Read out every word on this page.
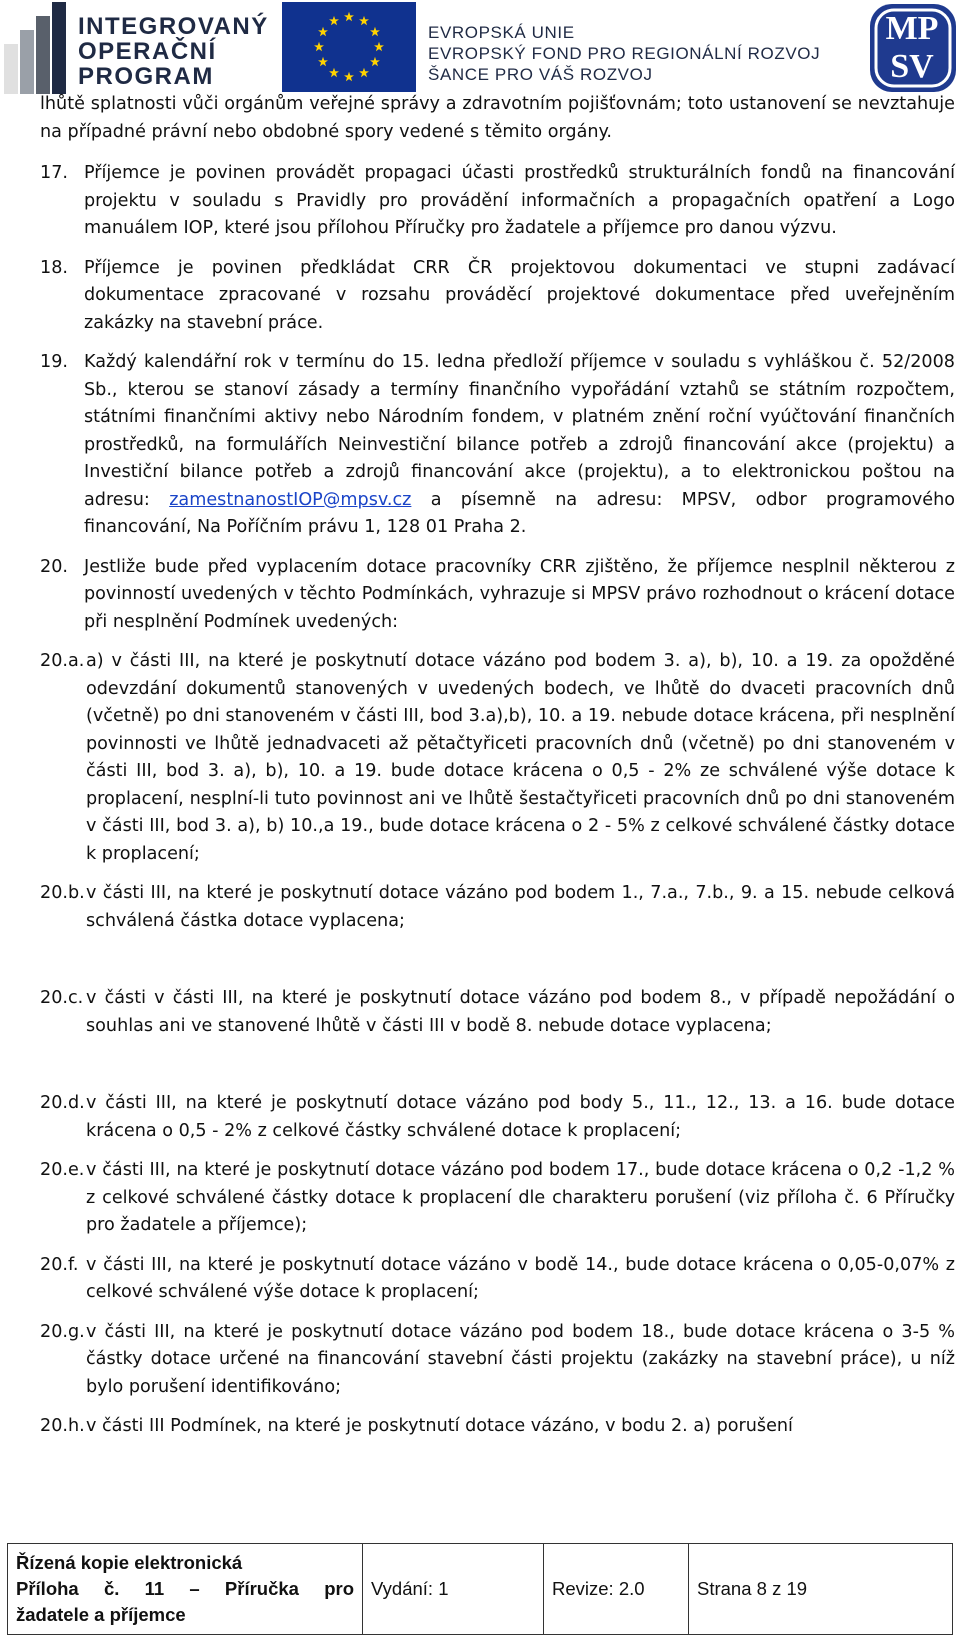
INTEGROVANÝ
OPERAČNÍ
PROGRAM
EVROPSKÁ UNIE
EVROPSKÝ FOND PRO REGIONÁLNÍ ROZVOJ
ŠANCE PRO VÁŠ ROZVOJ
MP
SV

lhůtě splatnosti vůči orgánům veřejné správy a zdravotním pojišťovnám; toto ustanovení se nevztahuje na případné právní nebo obdobné spory vedené s těmito orgány.

17. Příjemce je povinen provádět propagaci účasti prostředků strukturálních fondů na financování projektu v souladu s Pravidly pro provádění informačních a propagačních opatření a Logo manuálem IOP, které jsou přílohou Příručky pro žadatele a příjemce pro danou výzvu.
18. Příjemce je povinen předkládat CRR ČR projektovou dokumentaci ve stupni zadávací dokumentace zpracované v rozsahu prováděcí projektové dokumentace před uveřejněním zakázky na stavební práce.
19. Každý kalendářní rok v termínu do 15. ledna předloží příjemce v souladu s vyhláškou č. 52/2008 Sb., kterou se stanoví zásady a termíny finančního vypořádání vztahů se státním rozpočtem, státními finančními aktivy nebo Národním fondem, v platném znění roční vyúčtování finančních prostředků, na formulářích Neinvestiční bilance potřeb a zdrojů financování akce (projektu) a Investiční bilance potřeb a zdrojů financování akce (projektu), a to elektronickou poštou na adresu: zamestnanostIOP@mpsv.cz a písemně na adresu: MPSV, odbor programového financování, Na Poříčním právu 1, 128 01 Praha 2.
20. Jestliže bude před vyplacením dotace pracovníky CRR zjištěno, že příjemce nesplnil některou z povinností uvedených v těchto Podmínkách, vyhrazuje si MPSV právo rozhodnout o krácení dotace při nesplnění Podmínek uvedených:
20.a. a) v části III, na které je poskytnutí dotace vázáno pod bodem 3. a), b), 10. a 19. za opožděné odevzdání dokumentů stanovených v uvedených bodech, ve lhůtě do dvaceti pracovních dnů (včetně) po dni stanoveném v části III, bod 3.a),b), 10. a 19. nebude dotace krácena, při nesplnění povinnosti ve lhůtě jednadvaceti až pětačtyřiceti pracovních dnů (včetně) po dni stanoveném v části III, bod 3. a), b), 10. a 19. bude dotace krácena o 0,5 - 2% ze schválené výše dotace k proplacení, nesplní-li tuto povinnost ani ve lhůtě šestačtyřiceti pracovních dnů po dni stanoveném v části III, bod 3. a), b) 10.,a 19., bude dotace krácena o 2 - 5% z celkové schválené částky dotace k proplacení;
20.b. v části III, na které je poskytnutí dotace vázáno pod bodem 1., 7.a., 7.b., 9. a 15. nebude celková schválená částka dotace vyplacena;
20.c. v části v části III, na které je poskytnutí dotace vázáno pod bodem 8., v případě nepožádání o souhlas ani ve stanovené lhůtě v části III v bodě 8. nebude dotace vyplacena;
20.d. v části III, na které je poskytnutí dotace vázáno pod body 5., 11., 12., 13. a 16. bude dotace krácena o 0,5 - 2% z celkové částky schválené dotace k proplacení;
20.e. v části III, na které je poskytnutí dotace vázáno pod bodem 17., bude dotace krácena o 0,2 -1,2 % z celkové schválené částky dotace k proplacení dle charakteru porušení (viz příloha č. 6 Příručky pro žadatele a příjemce);
20.f. v části III, na které je poskytnutí dotace vázáno v bodě 14., bude dotace krácena o 0,05-0,07% z celkové schválené výše dotace k proplacení;
20.g. v části III, na které je poskytnutí dotace vázáno pod bodem 18., bude dotace krácena o 3-5 % částky dotace určené na financování stavební části projektu (zakázky na stavební práce), u níž bylo porušení identifikováno;
20.h. v části III Podmínek, na které je poskytnutí dotace vázáno, v bodu 2. a) porušení
Řízená kopie elektronická
Příloha č. 11 – Příručka pro
žadatele a příjemce
	Vydání: 1	Revize: 2.0	Strana 8 z 19
